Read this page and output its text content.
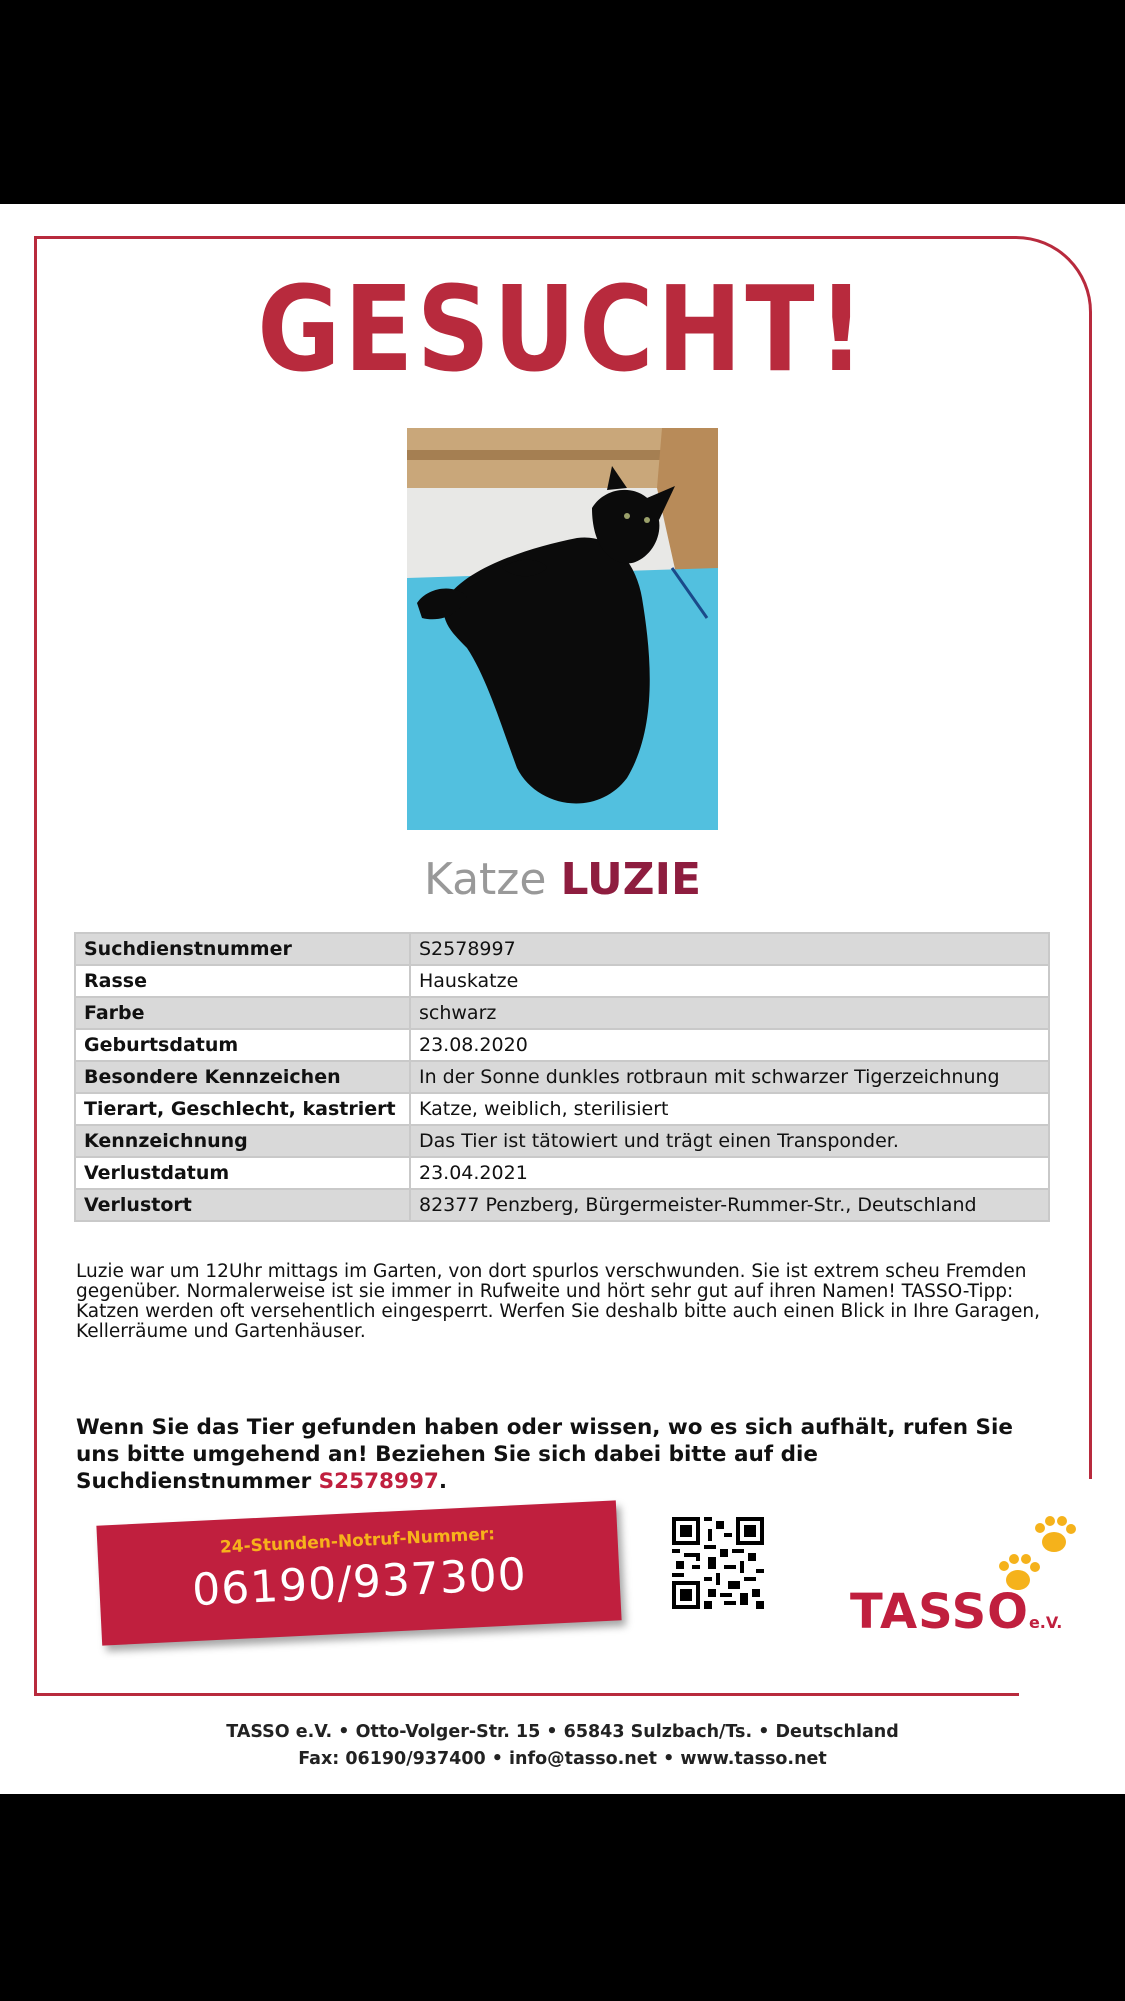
GESUCHT!
Katze LUZIE
Suchdienstnummer	S2578997
Rasse	Hauskatze
Farbe	schwarz
Geburtsdatum	23.08.2020
Besondere Kennzeichen	In der Sonne dunkles rotbraun mit schwarzer Tigerzeichnung
Tierart, Geschlecht, kastriert	Katze, weiblich, sterilisiert
Kennzeichnung	Das Tier ist tätowiert und trägt einen Transponder.
Verlustdatum	23.04.2021
Verlustort	82377 Penzberg, Bürgermeister-Rummer-Str., Deutschland
Luzie war um 12Uhr mittags im Garten, von dort spurlos verschwunden. Sie ist extrem scheu Fremden gegenüber. Normalerweise ist sie immer in Rufweite und hört sehr gut auf ihren Namen! TASSO-Tipp: Katzen werden oft versehentlich eingesperrt. Werfen Sie deshalb bitte auch einen Blick in Ihre Garagen, Kellerräume und Gartenhäuser.
Wenn Sie das Tier gefunden haben oder wissen, wo es sich aufhält, rufen Sie uns bitte umgehend an! Beziehen Sie sich dabei bitte auf die Suchdienstnummer S2578997.
24-Stunden-Notruf-Nummer:
06190/937300	TASSOe.V.
TASSO e.V. • Otto-Volger-Str. 15 • 65843 Sulzbach/Ts. • Deutschland
Fax: 06190/937400 • info@tasso.net • www.tasso.net
